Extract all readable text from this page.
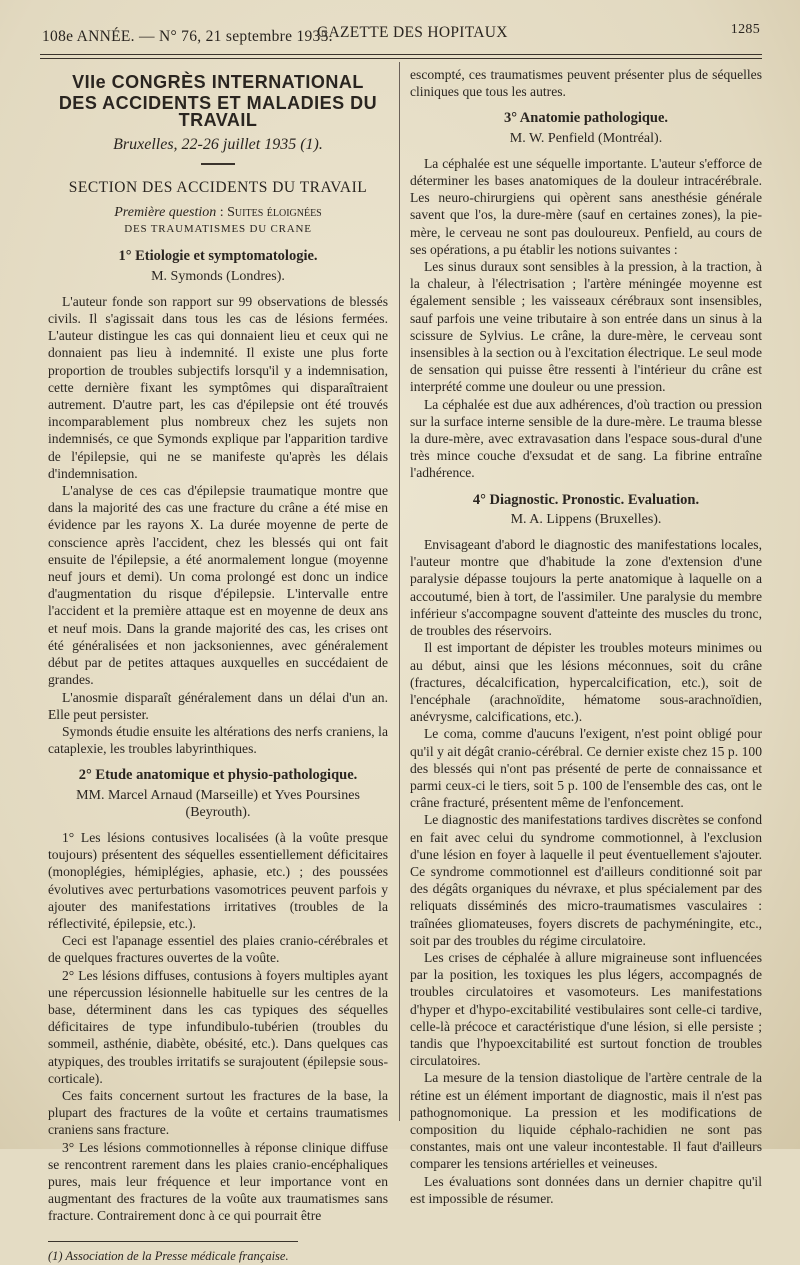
108e ANNÉE. — N° 76, 21 septembre 1935.
GAZETTE DES HOPITAUX	1285
VIIe CONGRÈS INTERNATIONAL
DES ACCIDENTS ET MALADIES DU TRAVAIL
Bruxelles, 22-26 juillet 1935 (1).
SECTION DES ACCIDENTS DU TRAVAIL
Première question : Suites éloignées
DES TRAUMATISMES DU CRANE
1° Etiologie et symptomatologie.
M. Symonds (Londres).

L'auteur fonde son rapport sur 99 observations de blessés civils. Il s'agissait dans tous les cas de lésions fermées. L'auteur distingue les cas qui donnaient lieu et ceux qui ne donnaient pas lieu à indemnité. Il existe une plus forte proportion de troubles subjectifs lorsqu'il y a indemnisation, cette dernière fixant les symptômes qui disparaîtraient autrement. D'autre part, les cas d'épilepsie ont été trouvés incomparablement plus nombreux chez les sujets non indemnisés, ce que Symonds explique par l'apparition tardive de l'épilepsie, qui ne se manifeste qu'après les délais d'indemnisation.

L'analyse de ces cas d'épilepsie traumatique montre que dans la majorité des cas une fracture du crâne a été mise en évidence par les rayons X. La durée moyenne de perte de conscience après l'accident, chez les blessés qui ont fait ensuite de l'épilepsie, a été anormalement longue (moyenne neuf jours et demi). Un coma prolongé est donc un indice d'augmentation du risque d'épilepsie. L'intervalle entre l'accident et la première attaque est en moyenne de deux ans et neuf mois. Dans la grande majorité des cas, les crises ont été généralisées et non jacksoniennes, avec généralement début par de petites attaques auxquelles en succédaient de grandes.

L'anosmie disparaît généralement dans un délai d'un an. Elle peut persister.

Symonds étudie ensuite les altérations des nerfs craniens, la cataplexie, les troubles labyrinthiques.

2° Etude anatomique et physio-pathologique.
MM. Marcel Arnaud (Marseille) et Yves Poursines (Beyrouth).

1° Les lésions contusives localisées (à la voûte presque toujours) présentent des séquelles essentiellement déficitaires (monoplégies, hémiplégies, aphasie, etc.) ; des poussées évolutives avec perturbations vasomotrices peuvent parfois y ajouter des manifestations irritatives (troubles de la réflectivité, épilepsie, etc.).

Ceci est l'apanage essentiel des plaies cranio-cérébrales et de quelques fractures ouvertes de la voûte.

2° Les lésions diffuses, contusions à foyers multiples ayant une répercussion lésionnelle habituelle sur les centres de la base, déterminent dans les cas typiques des séquelles déficitaires de type infundibulo-tubérien (troubles du sommeil, asthénie, diabète, obésité, etc.). Dans quelques cas atypiques, des troubles irritatifs se surajoutent (épilepsie sous-corticale).

Ces faits concernent surtout les fractures de la base, la plupart des fractures de la voûte et certains traumatismes craniens sans fracture.

3° Les lésions commotionnelles à réponse clinique diffuse se rencontrent rarement dans les plaies cranio-encéphaliques pures, mais leur fréquence et leur importance vont en augmentant des fractures de la voûte aux traumatismes sans fracture. Contrairement donc à ce qui pourrait être

(1) Association de la Presse médicale française.

escompté, ces traumatismes peuvent présenter plus de séquelles cliniques que tous les autres.

3° Anatomie pathologique.
M. W. Penfield (Montréal).

La céphalée est une séquelle importante. L'auteur s'efforce de déterminer les bases anatomiques de la douleur intracérébrale. Les neuro-chirurgiens qui opèrent sans anesthésie générale savent que l'os, la dure-mère (sauf en certaines zones), la pie-mère, le cerveau ne sont pas douloureux. Penfield, au cours de ses opérations, a pu établir les notions suivantes :

Les sinus duraux sont sensibles à la pression, à la traction, à la chaleur, à l'électrisation ; l'artère méningée moyenne est également sensible ; les vaisseaux cérébraux sont insensibles, sauf parfois une veine tributaire à son entrée dans un sinus à la scissure de Sylvius. Le crâne, la dure-mère, le cerveau sont insensibles à la section ou à l'excitation électrique. Le seul mode de sensation qui puisse être ressenti à l'intérieur du crâne est interprété comme une douleur ou une pression.

La céphalée est due aux adhérences, d'où traction ou pression sur la surface interne sensible de la dure-mère. Le trauma blesse la dure-mère, avec extravasation dans l'espace sous-dural d'une très mince couche d'exsudat et de sang. La fibrine entraîne l'adhérence.

4° Diagnostic. Pronostic. Evaluation.
M. A. Lippens (Bruxelles).

Envisageant d'abord le diagnostic des manifestations locales, l'auteur montre que d'habitude la zone d'extension d'une paralysie dépasse toujours la perte anatomique à laquelle on a accoutumé, bien à tort, de l'assimiler. Une paralysie du membre inférieur s'accompagne souvent d'atteinte des muscles du tronc, de troubles des réservoirs.

Il est important de dépister les troubles moteurs minimes ou au début, ainsi que les lésions méconnues, soit du crâne (fractures, décalcification, hypercalcification, etc.), soit de l'encéphale (arachnoïdite, hématome sous-arachnoïdien, anévrysme, calcifications, etc.).

Le coma, comme d'aucuns l'exigent, n'est point obligé pour qu'il y ait dégât cranio-cérébral. Ce dernier existe chez 15 p. 100 des blessés qui n'ont pas présenté de perte de connaissance et parmi ceux-ci le tiers, soit 5 p. 100 de l'ensemble des cas, ont le crâne fracturé, présentent même de l'enfoncement.

Le diagnostic des manifestations tardives discrètes se confond en fait avec celui du syndrome commotionnel, à l'exclusion d'une lésion en foyer à laquelle il peut éventuellement s'ajouter. Ce syndrome commotionnel est d'ailleurs conditionné soit par des dégâts organiques du névraxe, et plus spécialement par des reliquats disséminés des micro-traumatismes vasculaires : traînées gliomateuses, foyers discrets de pachyméningite, etc., soit par des troubles du régime circulatoire.

Les crises de céphalée à allure migraineuse sont influencées par la position, les toxiques les plus légers, accompagnés de troubles circulatoires et vasomoteurs. Les manifestations d'hyper et d'hypo-excitabilité vestibulaires sont celle-ci tardive, celle-là précoce et caractéristique d'une lésion, si elle persiste ; tandis que l'hypoexcitabilité est surtout fonction de troubles circulatoires.

La mesure de la tension diastolique de l'artère centrale de la rétine est un élément important de diagnostic, mais il n'est pas pathognomonique. La pression et les modifications de composition du liquide céphalo-rachidien ne sont pas constantes, mais ont une valeur incontestable. Il faut d'ailleurs comparer les tensions artérielles et veineuses.

Les évaluations sont données dans un dernier chapitre qu'il est impossible de résumer.
